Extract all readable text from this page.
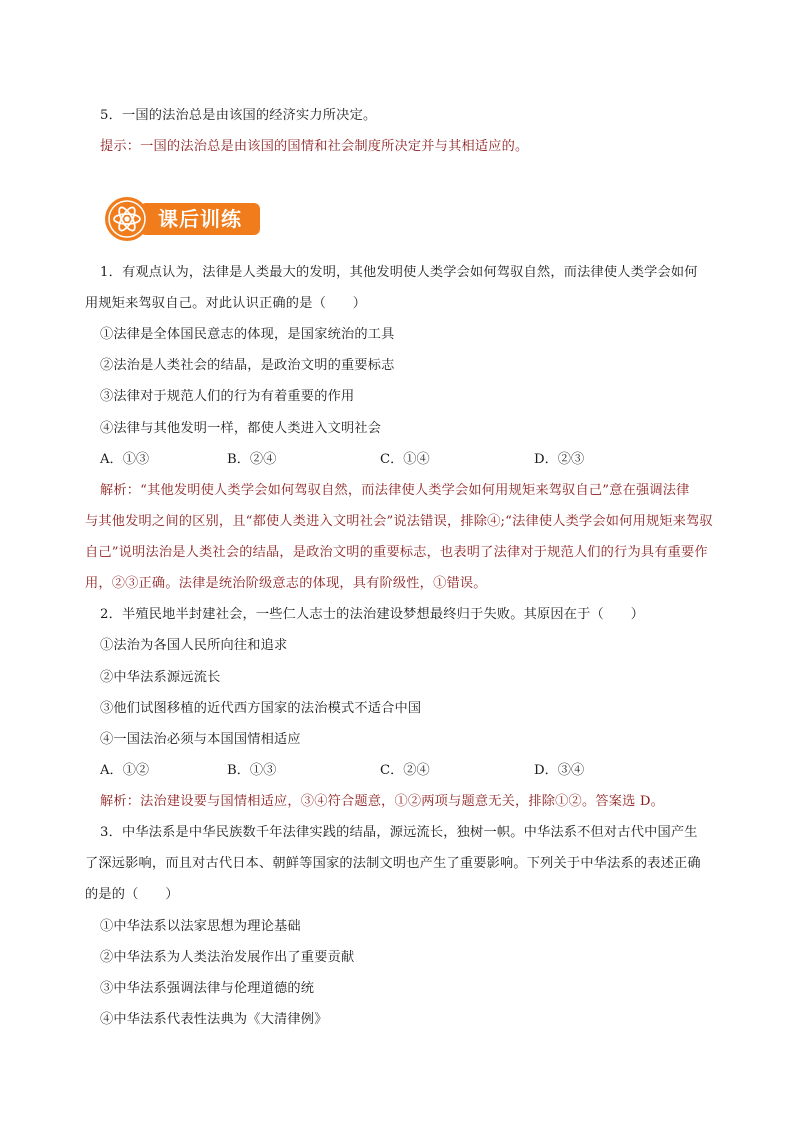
5．一国的法治总是由该国的经济实力所决定。
提示：一国的法治总是由该国的国情和社会制度所决定并与其相适应的。
课后训练
1．有观点认为，法律是人类最大的发明，其他发明使人类学会如何驾驭自然，而法律使人类学会如何
用规矩来驾驭自己。对此认识正确的是（　　）
①法律是全体国民意志的体现，是国家统治的工具
②法治是人类社会的结晶，是政治文明的重要标志
③法律对于规范人们的行为有着重要的作用
④法律与其他发明一样，都使人类进入文明社会
A．①③	B．②④	C．①④	D．②③
解析：“其他发明使人类学会如何驾驭自然，而法律使人类学会如何用规矩来驾驭自己”意在强调法律
与其他发明之间的区别，且“都使人类进入文明社会”说法错误，排除④;“法律使人类学会如何用规矩来驾驭
自己”说明法治是人类社会的结晶，是政治文明的重要标志，也表明了法律对于规范人们的行为具有重要作
用，②③正确。法律是统治阶级意志的体现，具有阶级性，①错误。
2．半殖民地半封建社会，一些仁人志士的法治建设梦想最终归于失败。其原因在于（　　）
①法治为各国人民所向往和追求
②中华法系源远流长
③他们试图移植的近代西方国家的法治模式不适合中国
④一国法治必须与本国国情相适应
A．①②	B．①③	C．②④	D．③④
解析：法治建设要与国情相适应，③④符合题意，①②两项与题意无关，排除①②。答案选 D。
3．中华法系是中华民族数千年法律实践的结晶，源远流长，独树一帜。中华法系不但对古代中国产生
了深远影响，而且对古代日本、朝鲜等国家的法制文明也产生了重要影响。下列关于中华法系的表述正确
的是的（　　）
①中华法系以法家思想为理论基础
②中华法系为人类法治发展作出了重要贡献
③中华法系强调法律与伦理道德的统
④中华法系代表性法典为《大清律例》
